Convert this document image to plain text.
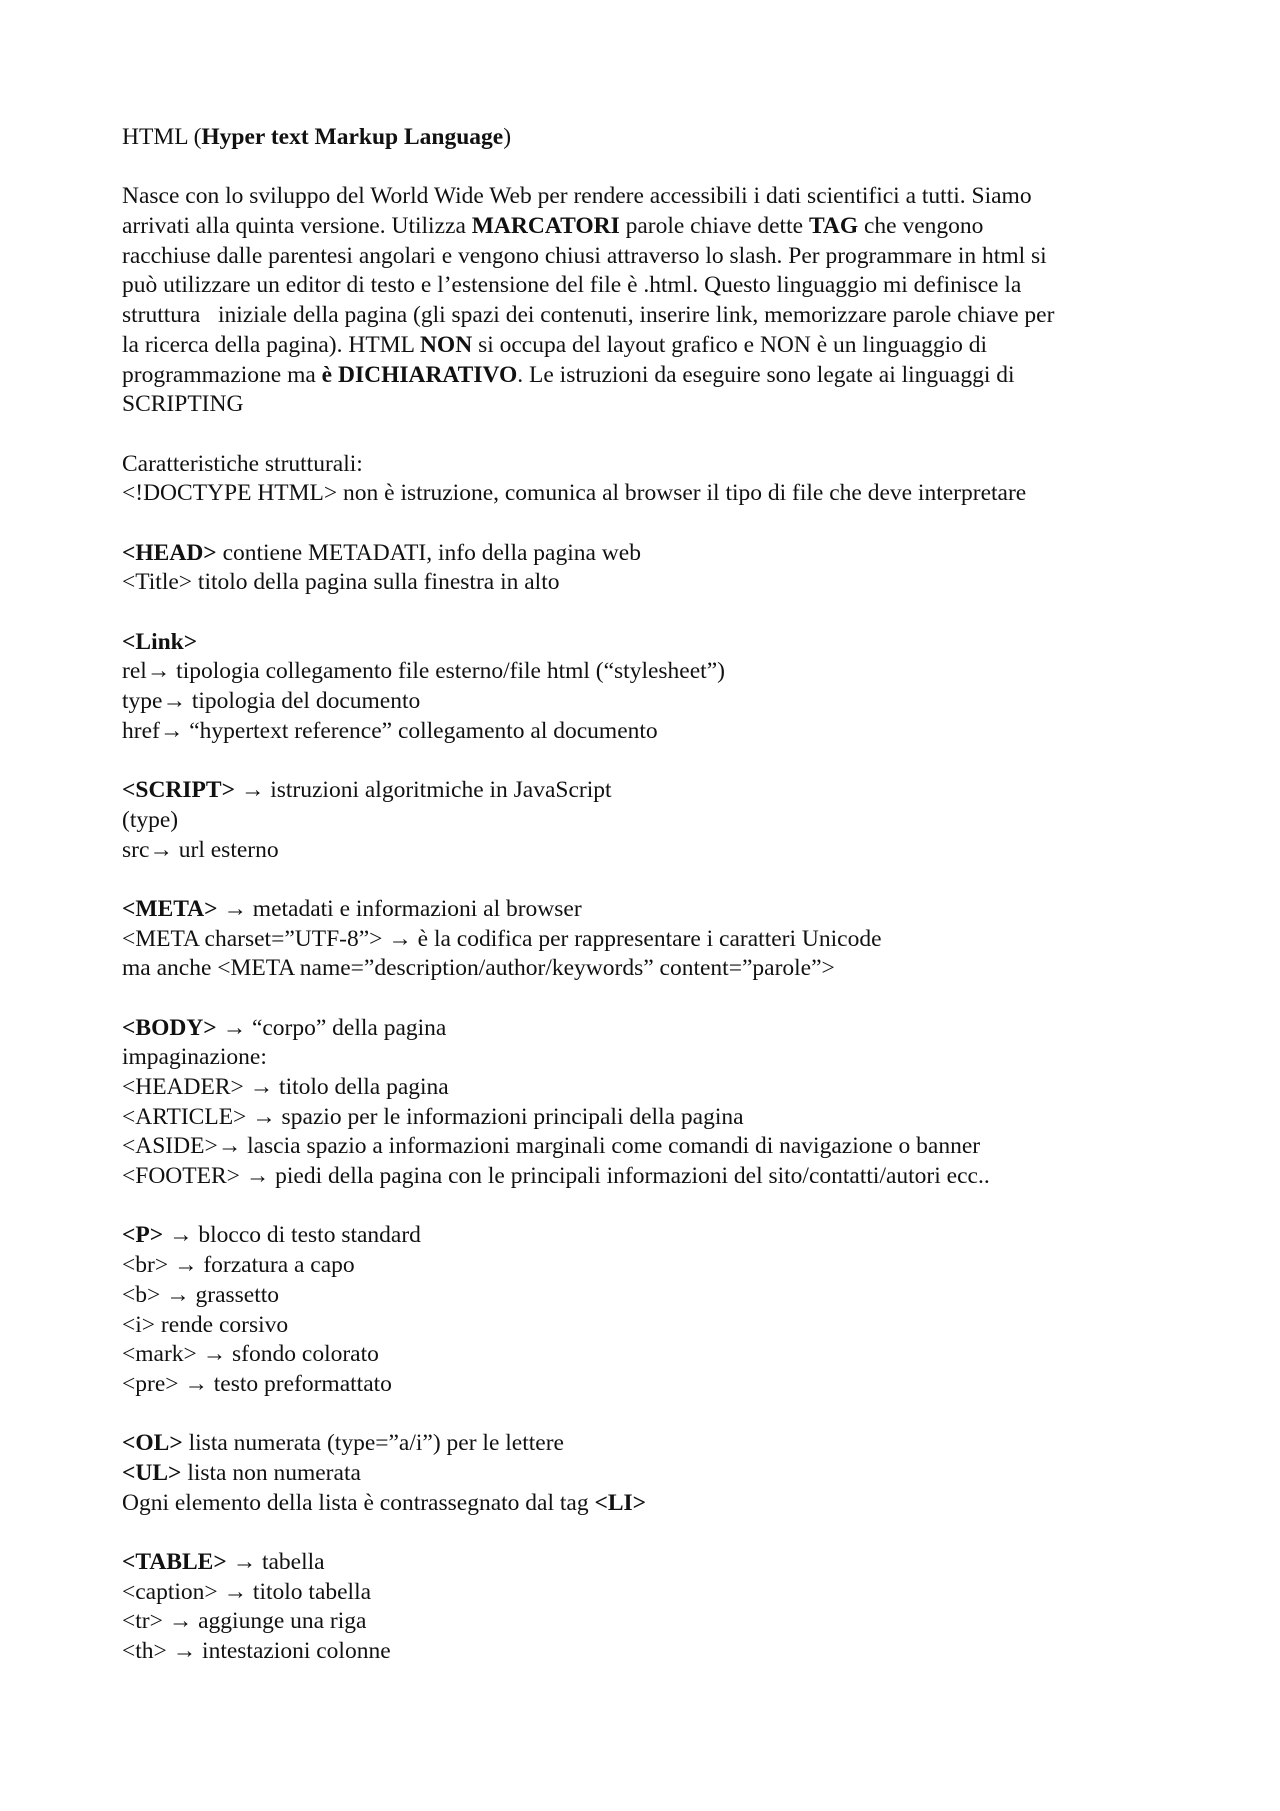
HTML (Hyper text Markup Language)
Nasce con lo sviluppo del World Wide Web per rendere accessibili i dati scientifici a tutti. Siamo
arrivati alla quinta versione. Utilizza MARCATORI parole chiave dette TAG che vengono
racchiuse dalle parentesi angolari e vengono chiusi attraverso lo slash. Per programmare in html si
può utilizzare un editor di testo e l’estensione del file è .html. Questo linguaggio mi definisce la
struttura   iniziale della pagina (gli spazi dei contenuti, inserire link, memorizzare parole chiave per
la ricerca della pagina). HTML NON si occupa del layout grafico e NON è un linguaggio di
programmazione ma è DICHIARATIVO. Le istruzioni da eseguire sono legate ai linguaggi di
SCRIPTING
Caratteristiche strutturali:
<!DOCTYPE HTML> non è istruzione, comunica al browser il tipo di file che deve interpretare
<HEAD> contiene METADATI, info della pagina web
<Title> titolo della pagina sulla finestra in alto
<Link>
rel→ tipologia collegamento file esterno/file html (“stylesheet”)
type→ tipologia del documento
href→ “hypertext reference” collegamento al documento
<SCRIPT> → istruzioni algoritmiche in JavaScript
(type)
src→ url esterno
<META> → metadati e informazioni al browser
<META charset=”UTF-8”> → è la codifica per rappresentare i caratteri Unicode
ma anche <META name=”description/author/keywords” content=”parole”>
<BODY> → “corpo” della pagina
impaginazione:
<HEADER> → titolo della pagina
<ARTICLE> → spazio per le informazioni principali della pagina
<ASIDE>→ lascia spazio a informazioni marginali come comandi di navigazione o banner
<FOOTER> → piedi della pagina con le principali informazioni del sito/contatti/autori ecc..
<P> → blocco di testo standard
<br> → forzatura a capo
<b> → grassetto
<i> rende corsivo
<mark> → sfondo colorato
<pre> → testo preformattato
<OL> lista numerata (type=”a/i”) per le lettere
<UL> lista non numerata
Ogni elemento della lista è contrassegnato dal tag <LI>
<TABLE> → tabella
<caption> → titolo tabella
<tr> → aggiunge una riga
<th> → intestazioni colonne
